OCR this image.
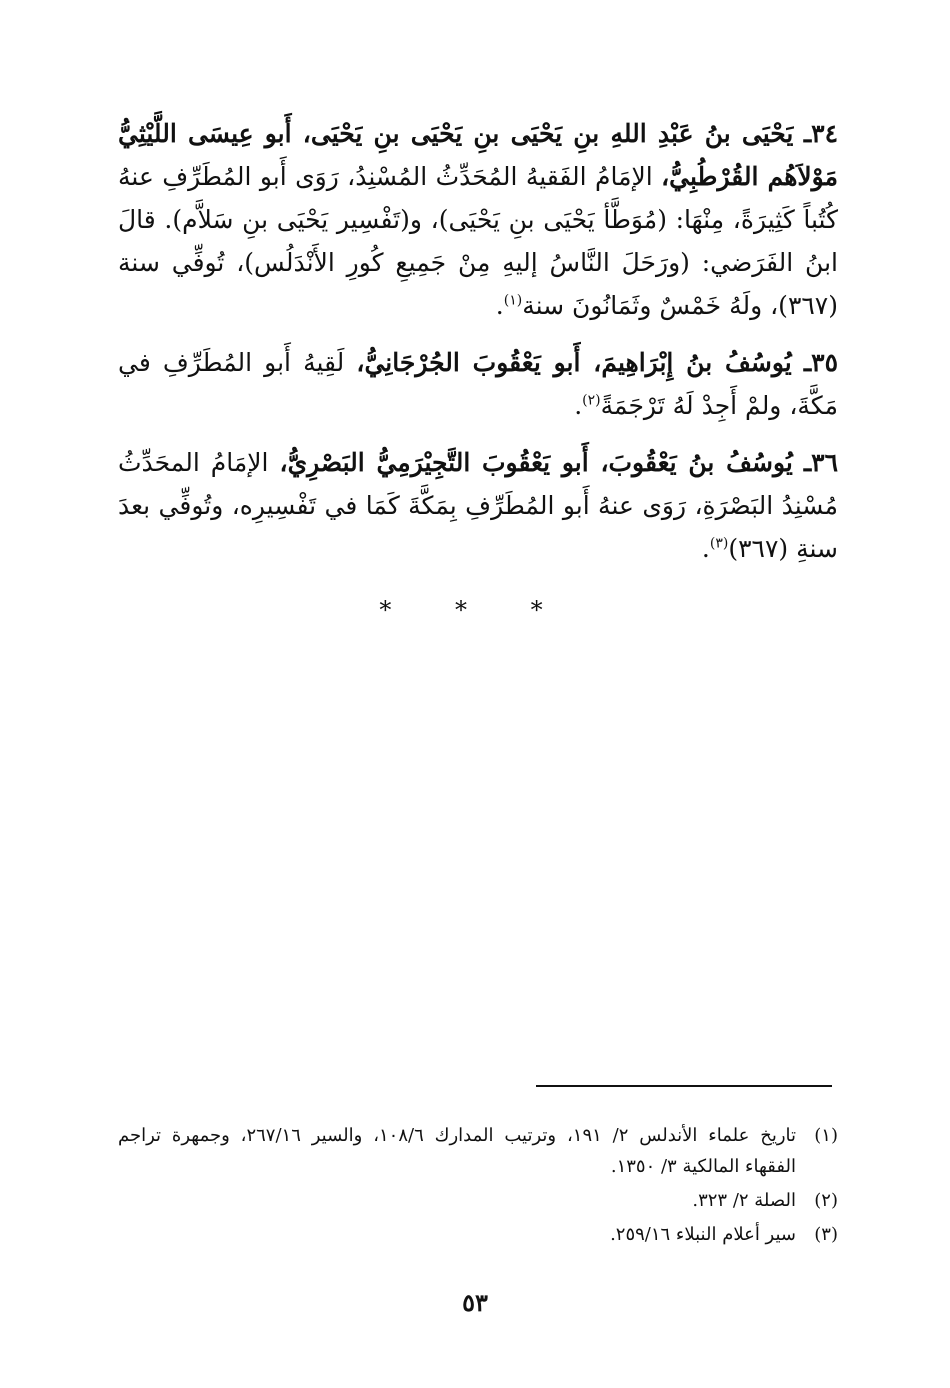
٣٤ـ يَحْيَى بنُ عَبْدِ اللهِ بنِ يَحْيَى بنِ يَحْيَى بنِ يَحْيَى، أَبو عِيسَى اللَّيْثِيُّ مَوْلاَهُم القُرْطُبِيُّ، الإمَامُ الفَقيهُ المُحَدِّثُ المُسْنِدُ، رَوَى أَبو المُطَرِّفِ عنهُ كُتُباً كَثِيرَةً، مِنْهَا: (مُوَطَّأ يَحْيَى بنِ يَحْيَى)، و(تَفْسِير يَحْيَى بنِ سَلاَّم). قالَ ابنُ الفَرَضي: (ورَحَلَ النَّاسُ إليهِ مِنْ جَمِيعِ كُورِ الأَنْدَلُس)، تُوفِّي سنة (٣٦٧)، ولَهُ خَمْسٌ وثَمَانُونَ سنة$^{(١)}$.

٣٥ـ يُوسُفُ بنُ إِبْرَاهِيمَ، أَبو يَعْقُوبَ الجُرْجَانِيُّ، لَقِيهُ أَبو المُطَرِّفِ في مَكَّةَ، ولمْ أَجِدْ لَهُ تَرْجَمَةً$^{(٢)}$.

٣٦ـ يُوسُفُ بنُ يَعْقُوبَ، أَبو يَعْقُوبَ التَّجِيْرَمِيُّ البَصْرِيُّ، الإمَامُ المحَدِّثُ مُسْنِدُ البَصْرَةِ، رَوَى عنهُ أَبو المُطَرِّفِ بِمَكَّةَ كَمَا في تَفْسِيرِه، وتُوفِّي بعدَ سنةِ (٣٦٧)$^{(٣)}$.

* * *
(١)
تاريخ علماء الأندلس ٢/ ١٩١، وترتيب المدارك ١٠٨/٦، والسير ٢٦٧/١٦، وجمهرة تراجم الفقهاء المالكية ٣/ ١٣٥٠.
(٢)
الصلة ٢/ ٣٢٣.
(٣)
سير أعلام النبلاء ٢٥٩/١٦.
٥٣
